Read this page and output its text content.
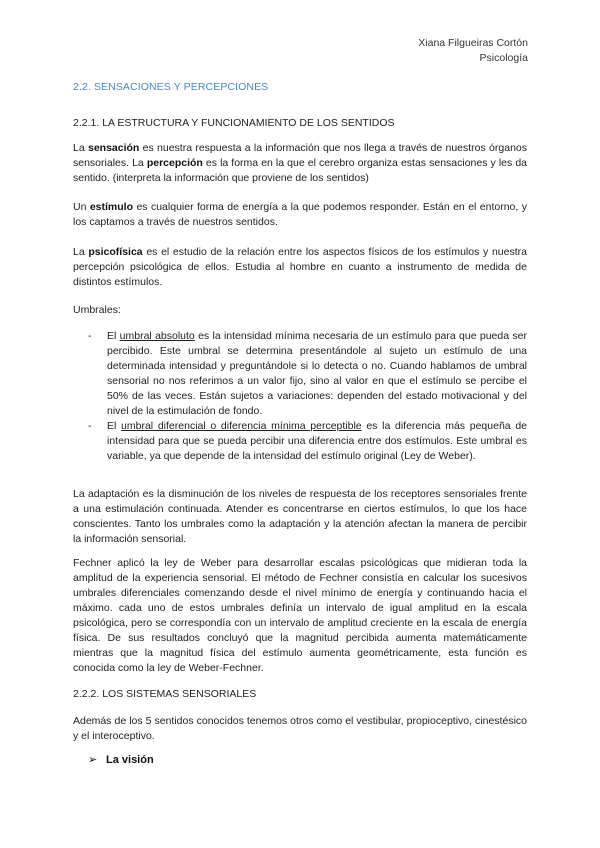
Xiana Filgueiras Cortón
Psicología
2.2. SENSACIONES Y PERCEPCIONES
2.2.1. LA ESTRUCTURA Y FUNCIONAMIENTO DE LOS SENTIDOS

La sensación es nuestra respuesta a la información que nos llega a través de nuestros órganos sensoriales. La percepción es la forma en la que el cerebro organiza estas sensaciones y les da sentido. (interpreta la información que proviene de los sentidos)

Un estímulo es cualquier forma de energía a la que podemos responder. Están en el entorno, y los captamos a través de nuestros sentidos.

La psicofísica es el estudio de la relación entre los aspectos físicos de los estímulos y nuestra percepción psicológica de ellos. Estudia al hombre en cuanto a instrumento de medida de distintos estímulos.

Umbrales:

- El umbral absoluto es la intensidad mínima necesaria de un estímulo para que pueda ser percibido. Este umbral se determina presentándole al sujeto un estímulo de una determinada intensidad y preguntándole si lo detecta o no. Cuando hablamos de umbral sensorial no nos referimos a un valor fijo, sino al valor en que el estímulo se percibe el 50% de las veces. Están sujetos a variaciones: dependen del estado motivacional y del nivel de la estimulación de fondo.
- El umbral diferencial o diferencia mínima perceptible es la diferencia más pequeña de intensidad para que se pueda percibir una diferencia entre dos estímulos. Este umbral es variable, ya que depende de la intensidad del estímulo original (Ley de Weber).

La adaptación es la disminución de los niveles de respuesta de los receptores sensoriales frente a una estimulación continuada. Atender es concentrarse en ciertos estímulos, lo que los hace conscientes. Tanto los umbrales como la adaptación y la atención afectan la manera de percibir la información sensorial.

Fechner aplicó la ley de Weber para desarrollar escalas psicológicas que midieran toda la amplitud de la experiencia sensorial. El método de Fechner consistía en calcular los sucesivos umbrales diferenciales comenzando desde el nivel mínimo de energía y continuando hacia el máximo. cada uno de estos umbrales definía un intervalo de igual amplitud en la escala psicológica, pero se correspondía con un intervalo de amplitud creciente en la escala de energía física. De sus resultados concluyó que la magnitud percibida aumenta matemáticamente mientras que la magnitud física del estímulo aumenta geométricamente, esta función es conocida como la ley de Weber-Fechner.

2.2.2. LOS SISTEMAS SENSORIALES

Además de los 5 sentidos conocidos tenemos otros como el vestibular, propioceptivo, cinestésico y el interoceptivo.

➢ La visión
